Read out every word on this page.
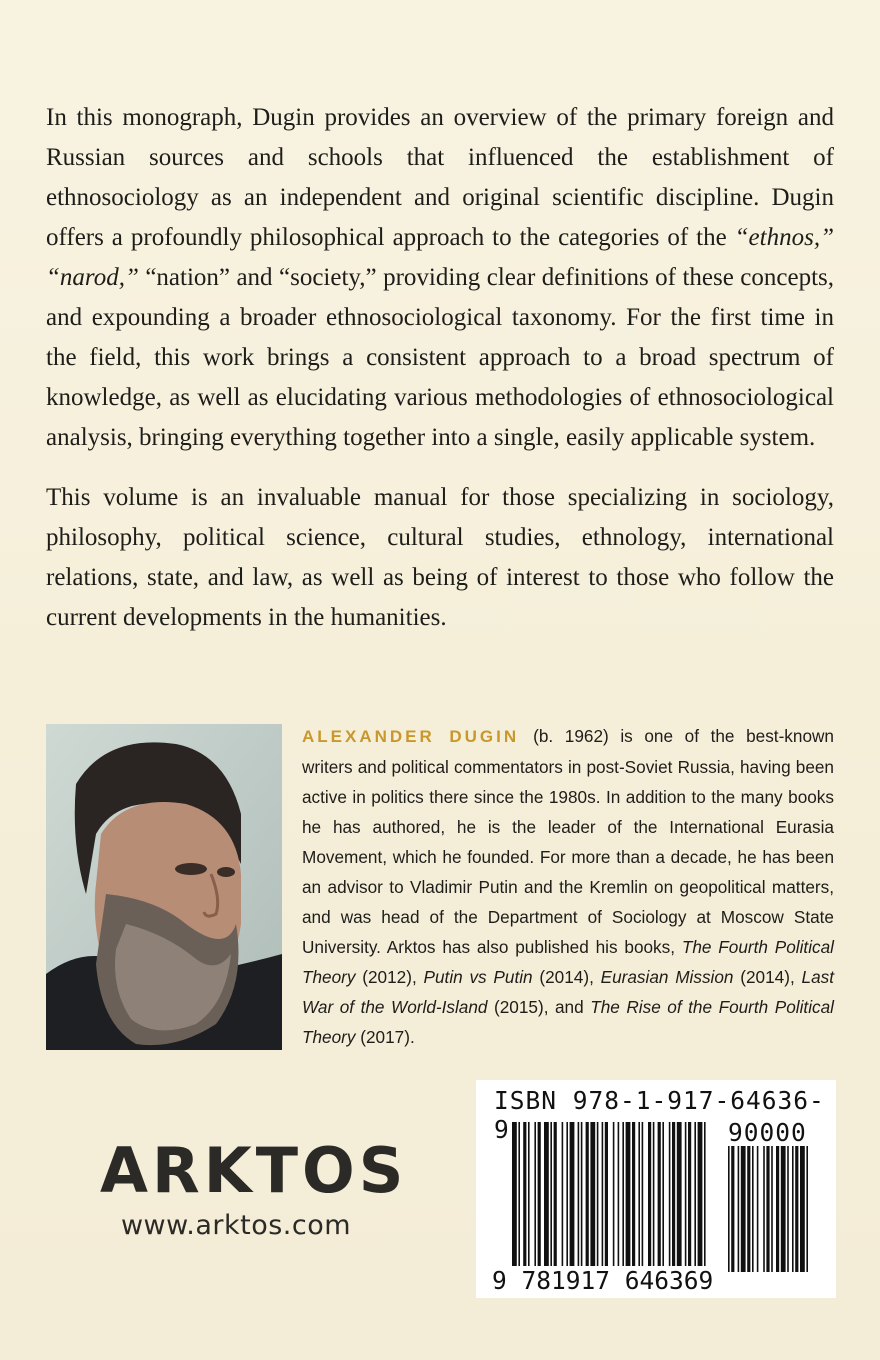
In this monograph, Dugin provides an overview of the primary foreign and Russian sources and schools that influenced the establishment of ethnosociology as an independent and original scientific discipline. Dugin offers a profoundly philosophical approach to the categories of the “ethnos,” “narod,” “nation” and “society,” providing clear definitions of these concepts, and expounding a broader ethnosociological taxonomy. For the first time in the field, this work brings a consistent approach to a broad spectrum of knowledge, as well as elucidating various methodologies of ethnosociological analysis, bringing everything together into a single, easily applicable system.

This volume is an invaluable manual for those specializing in sociology, philosophy, political science, cultural studies, ethnology, international relations, state, and law, as well as being of interest to those who follow the current developments in the humanities.

ALEXANDER DUGIN (b. 1962) is one of the best-known writers and political commentators in post-Soviet Russia, having been active in politics there since the 1980s. In addition to the many books he has authored, he is the leader of the International Eurasia Movement, which he founded. For more than a decade, he has been an advisor to Vladimir Putin and the Kremlin on geopolitical matters, and was head of the Department of Sociology at Moscow State University. Arktos has also published his books, The Fourth Political Theory (2012), Putin vs Putin (2014), Eurasian Mission (2014), Last War of the World-Island (2015), and The Rise of the Fourth Political Theory (2017).
ARKTOS
www.arktos.com
ISBN 978-1-917-64636-9	90000
9 781917 646369
